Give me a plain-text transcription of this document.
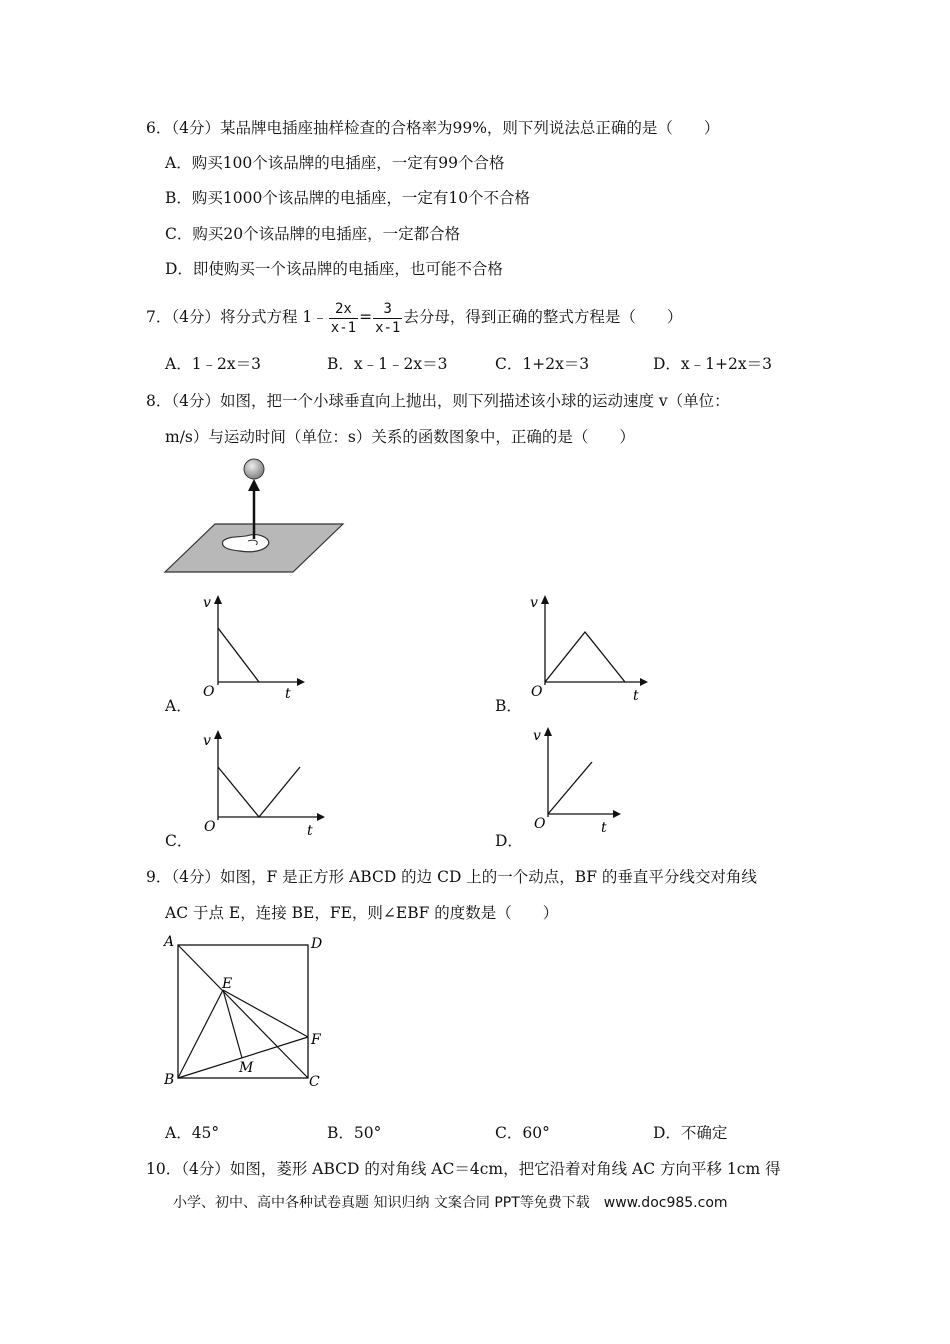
6．（4分）某品牌电插座抽样检查的合格率为99%，则下列说法总正确的是（　　）
A．购买100个该品牌的电插座，一定有99个合格
B．购买1000个该品牌的电插座，一定有10个不合格
C．购买20个该品牌的电插座，一定都合格
D．即使购买一个该品牌的电插座，也可能不合格
7．（4分）将分式方程 1﹣ $\frac{2x}{x-1} = \frac{3}{x-1}$ 去分母，得到正确的整式方程是（　　）
A．1﹣2x＝3	B．x﹣1﹣2x＝3	C．1+2x＝3	D．x﹣1+2x＝3
8．（4分）如图，把一个小球垂直向上抛出，则下列描述该小球的运动速度 v（单位：
m/s）与运动时间（单位：s）关系的函数图象中，正确的是（　　）
v
t
O
A．
v
t
O
B．
v
t
O
C．
v
t
O
D．
9．（4分）如图，F 是正方形 ABCD 的边 CD 上的一个动点，BF 的垂直平分线交对角线
AC 于点 E，连接 BE，FE，则∠EBF 的度数是（　　）
A	D
E
F
B
M
C
A．45°	B．50°	C．60°	D．不确定
10．（4分）如图，菱形 ABCD 的对角线 AC＝4cm，把它沿着对角线 AC 方向平移 1cm 得
小学、初中、高中各种试卷真题 知识归纳 文案合同 PPT等免费下载　www.doc985.com
